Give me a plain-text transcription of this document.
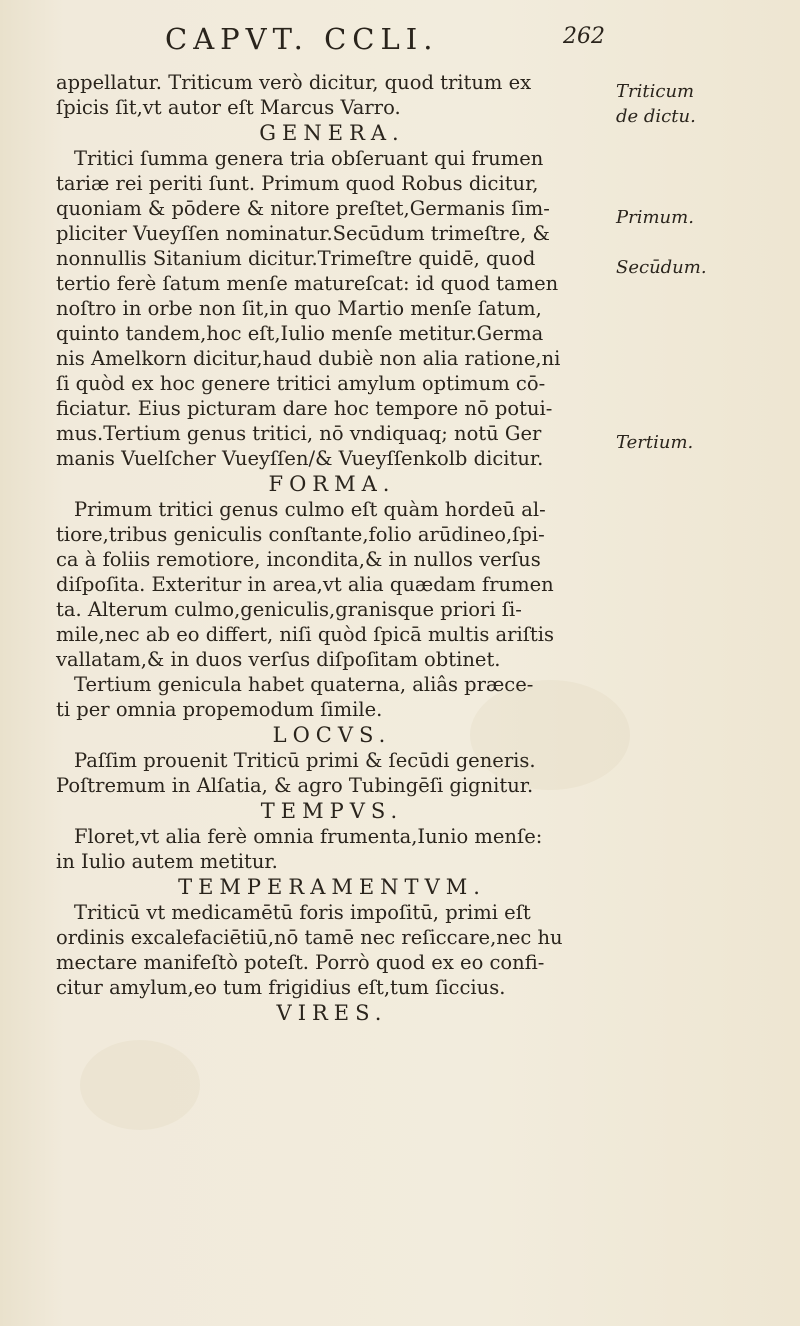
CAPVT. CCLI.	262
appellatur. Triticum verò dicitur, quod tritum ex
ſpicis ſit,vt autor eſt Marcus Varro.
GENERA.
Tritici ſumma genera tria obſeruant qui frumen
tariæ rei periti ſunt. Primum quod Robus dicitur,
quoniam & pōdere & nitore preſtet,Germanis ſim-
pliciter Vueyſſen nominatur.Secūdum trimeſtre, &
nonnullis Sitanium dicitur.Trimeſtre quidē, quod
tertio ferè ſatum menſe matureſcat: id quod tamen
noſtro in orbe non ſit,in quo Martio menſe ſatum,
quinto tandem,hoc eſt,Iulio menſe metitur.Germa
nis Amelkorn dicitur,haud dubiè non alia ratione,ni
ſi quòd ex hoc genere tritici amylum optimum cō-
ficiatur. Eius picturam dare hoc tempore nō potui-
mus.Tertium genus tritici, nō vndiquaq; notū Ger
manis Vuelſcher Vueyſſen/& Vueyſſenkolb dicitur.
FORMA.
Primum tritici genus culmo eſt quàm hordeū al-
tiore,tribus geniculis conſtante,folio arūdineo,ſpi-
ca à foliis remotiore, incondita,& in nullos verſus
diſpoſita. Exteritur in area,vt alia quædam frumen
ta. Alterum culmo,geniculis,granisque priori ſi-
mile,nec ab eo differt, niſi quòd ſpicā multis ariſtis
vallatam,& in duos verſus diſpoſitam obtinet.
Tertium genicula habet quaterna, aliâs præce-
ti per omnia propemodum ſimile.
LOCVS.
Paſſim prouenit Triticū primi & ſecūdi generis.
Poſtremum in Alſatia, & agro Tubingēſi gignitur.
TEMPVS.
Floret,vt alia ferè omnia frumenta,Iunio menſe:
in Iulio autem metitur.
TEMPERAMENTVM.
Triticū vt medicamētū foris impoſitū, primi eſt
ordinis excalefaciētiū,nō tamē nec reſiccare,nec hu
mectare manifeſtò poteſt. Porrò quod ex eo confi-
citur amylum,eo tum frigidius eſt,tum ſiccius.
VIRES.
Triticum
de dictu.
Primum.
Secūdum.
Tertium.
